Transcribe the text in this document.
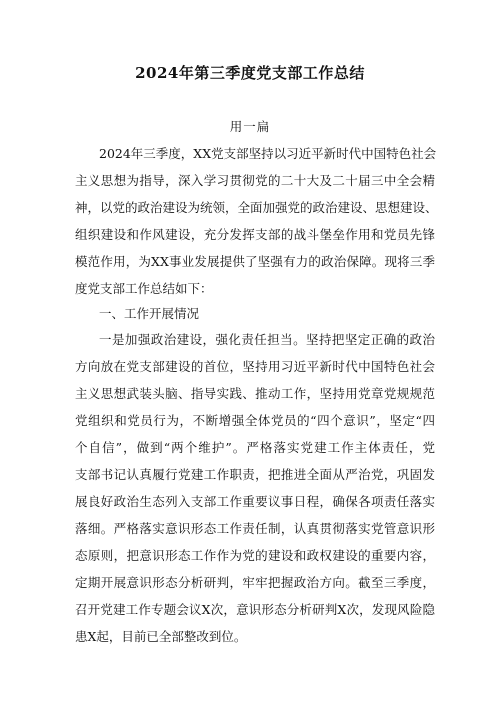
2024年第三季度党支部工作总结
用一扁
2024年三季度，XX党支部坚持以习近平新时代中国特色社会
主义思想为指导，深入学习贯彻党的二十大及二十届三中全会精
神，以党的政治建设为统领，全面加强党的政治建设、思想建设、
组织建设和作风建设，充分发挥支部的战斗堡垒作用和党员先锋
模范作用，为XX事业发展提供了坚强有力的政治保障。现将三季
度党支部工作总结如下：
一、工作开展情况
一是加强政治建设，强化责任担当。坚持把坚定正确的政治
方向放在党支部建设的首位，坚持用习近平新时代中国特色社会
主义思想武装头脑、指导实践、推动工作，坚持用党章党规规范
党组织和党员行为，不断增强全体党员的“四个意识”，坚定“四
个自信”，做到“两个维护”。严格落实党建工作主体责任，党
支部书记认真履行党建工作职责，把推进全面从严治党，巩固发
展良好政治生态列入支部工作重要议事日程，确保各项责任落实
落细。严格落实意识形态工作责任制，认真贯彻落实党管意识形
态原则，把意识形态工作作为党的建设和政权建设的重要内容，
定期开展意识形态分析研判，牢牢把握政治方向。截至三季度，
召开党建工作专题会议X次，意识形态分析研判X次，发现风险隐
患X起，目前已全部整改到位。
